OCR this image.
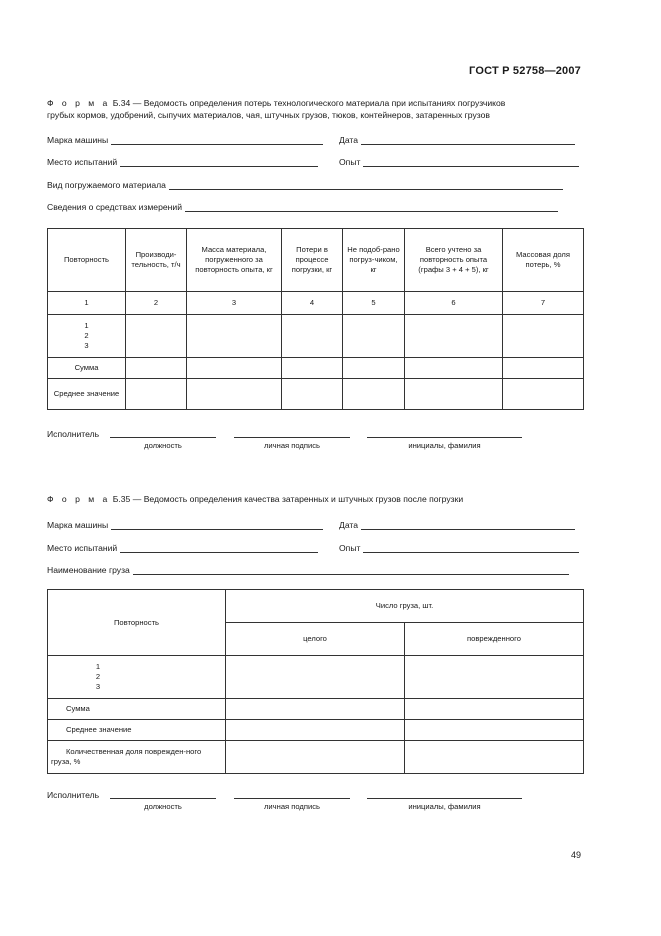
ГОСТ Р 52758—2007
Ф о р м а Б.34 — Ведомость определения потерь технологического материала при испытаниях погрузчиков
грубых кормов, удобрений, сыпучих материалов, чая, штучных грузов, тюков, контейнеров, затаренных грузов
Марка машины	Дата
Место испытаний	Опыт
Вид погружаемого материала
Сведения о средствах измерений
Повторность	Производи-тельность, т/ч	Масса материала, погруженного за повторность опыта, кг	Потери в процессе погрузки, кг	Не подоб-рано погруз-чиком, кг	Всего учтено за повторность опыта (графы 3 + 4 + 5), кг	Массовая доля потерь, %
1	2	3	4	5	6	7

1
2
3						

Сумма						
Среднее значение						
Исполнитель
должность	личная подпись	инициалы, фамилия
Ф о р м а Б.35 — Ведомость определения качества затаренных и штучных грузов после погрузки
Марка машины	Дата
Место испытаний	Опыт
Наименование груза
Повторность	Число груза, шт.	
	целого	поврежденного

1
2
3		

Сумма		
Среднее значение		
Количественная доля поврежден-ного груза, %		
Исполнитель
должность	личная подпись	инициалы, фамилия
49
